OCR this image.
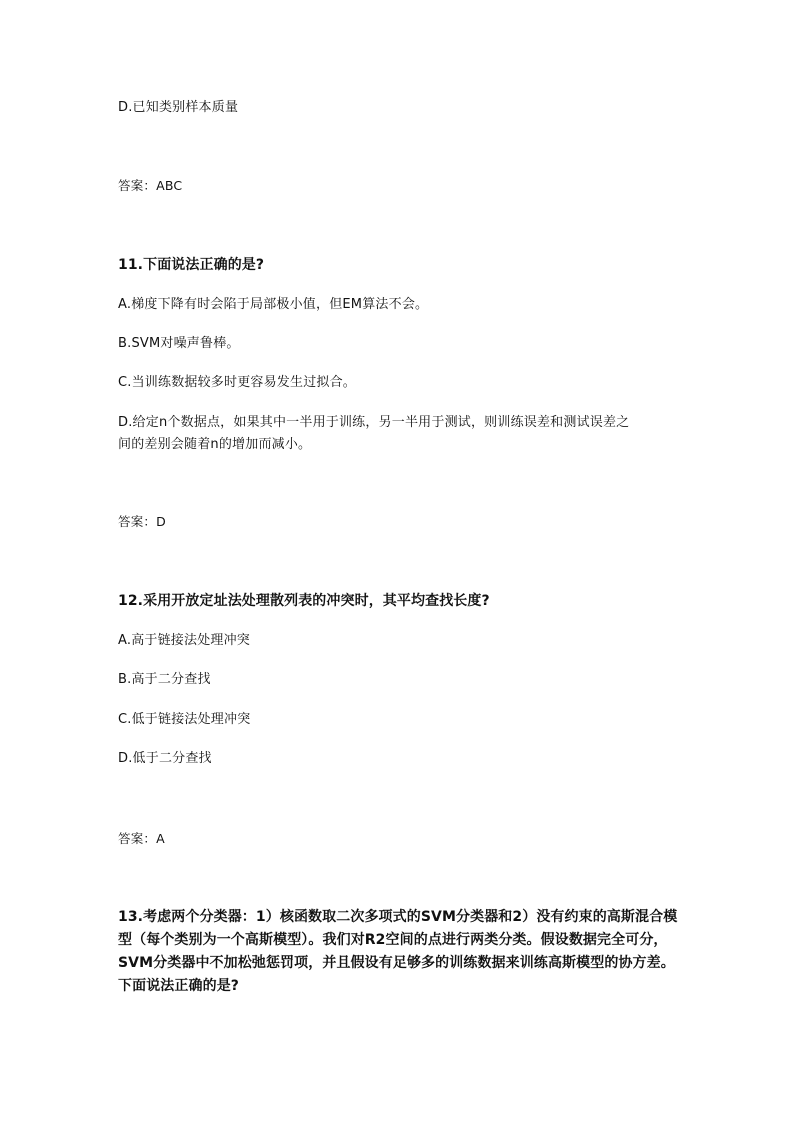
D.已知类别样本质量
答案：ABC
11.下面说法正确的是?
A.梯度下降有时会陷于局部极小值，但EM算法不会。
B.SVM对噪声鲁棒。
C.当训练数据较多时更容易发生过拟合。
D.给定n个数据点，如果其中一半用于训练，另一半用于测试，则训练误差和测试误差之
间的差别会随着n的增加而减小。
答案：D
12.采用开放定址法处理散列表的冲突时，其平均查找长度?
A.高于链接法处理冲突
B.高于二分查找
C.低于链接法处理冲突
D.低于二分查找
答案：A
13.考虑两个分类器：1）核函数取二次多项式的SVM分类器和2）没有约束的高斯混合模
型（每个类别为一个高斯模型）。我们对R2空间的点进行两类分类。假设数据完全可分，
SVM分类器中不加松弛惩罚项，并且假设有足够多的训练数据来训练高斯模型的协方差。
下面说法正确的是?
